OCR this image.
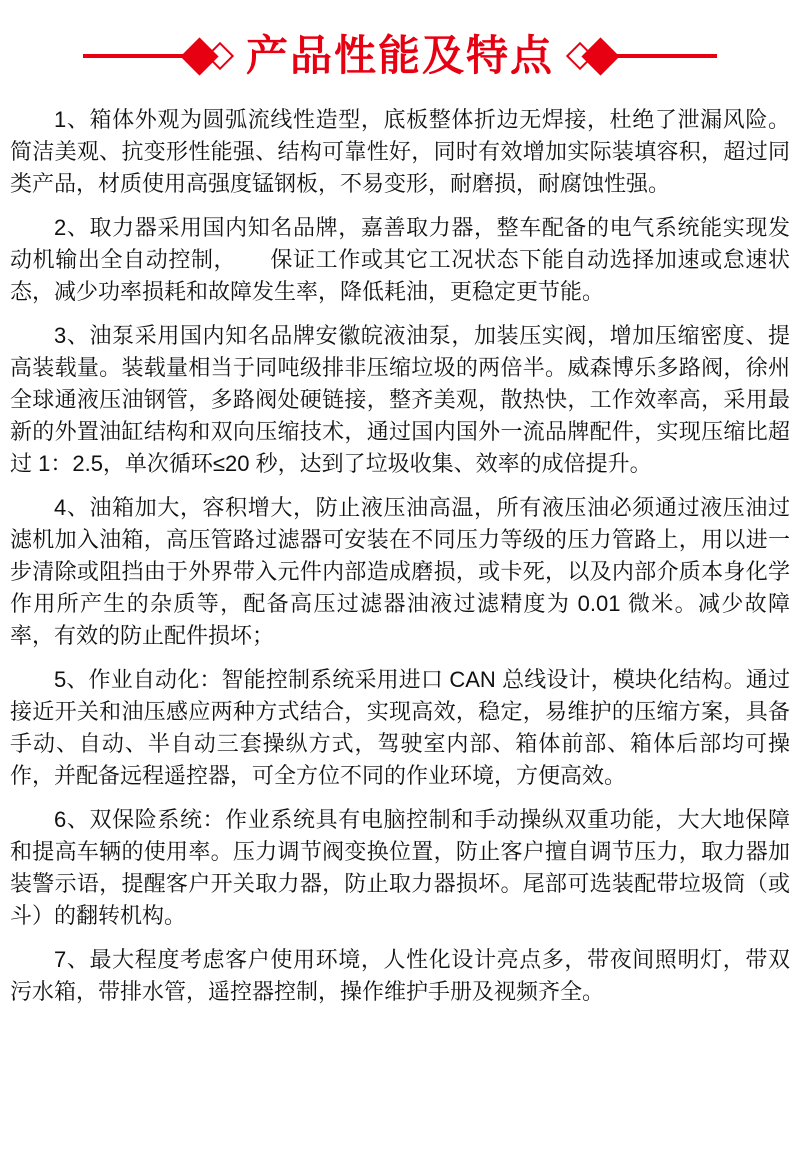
产品性能及特点

1、箱体外观为圆弧流线性造型，底板整体折边无焊接，杜绝了泄漏风险。简洁美观、抗变形性能强、结构可靠性好，同时有效增加实际装填容积，超过同类产品，材质使用高强度锰钢板，不易变形，耐磨损，耐腐蚀性强。

2、取力器采用国内知名品牌，嘉善取力器，整车配备的电气系统能实现发动机输出全自动控制，　　保证工作或其它工况状态下能自动选择加速或怠速状态，减少功率损耗和故障发生率，降低耗油，更稳定更节能。

3、油泵采用国内知名品牌安徽皖液油泵，加装压实阀，增加压缩密度、提高装载量。装载量相当于同吨级排非压缩垃圾的两倍半。威森博乐多路阀，徐州全球通液压油钢管，多路阀处硬链接，整齐美观，散热快，工作效率高，采用最新的外置油缸结构和双向压缩技术，通过国内国外一流品牌配件，实现压缩比超过 1：2.5，单次循环≤20 秒，达到了垃圾收集、效率的成倍提升。

4、油箱加大，容积增大，防止液压油高温，所有液压油必须通过液压油过滤机加入油箱，高压管路过滤器可安装在不同压力等级的压力管路上，用以进一步清除或阻挡由于外界带入元件内部造成磨损，或卡死，以及内部介质本身化学作用所产生的杂质等，配备高压过滤器油液过滤精度为 0.01 微米。减少故障率，有效的防止配件损坏；

5、作业自动化：智能控制系统采用进口 CAN 总线设计，模块化结构。通过接近开关和油压感应两种方式结合，实现高效，稳定，易维护的压缩方案，具备手动、自动、半自动三套操纵方式，驾驶室内部、箱体前部、箱体后部均可操作，并配备远程遥控器，可全方位不同的作业环境，方便高效。

6、双保险系统：作业系统具有电脑控制和手动操纵双重功能，大大地保障和提高车辆的使用率。压力调节阀变换位置，防止客户擅自调节压力，取力器加装警示语，提醒客户开关取力器，防止取力器损坏。尾部可选装配带垃圾筒（或斗）的翻转机构。

7、最大程度考虑客户使用环境，人性化设计亮点多，带夜间照明灯，带双污水箱，带排水管，遥控器控制，操作维护手册及视频齐全。
